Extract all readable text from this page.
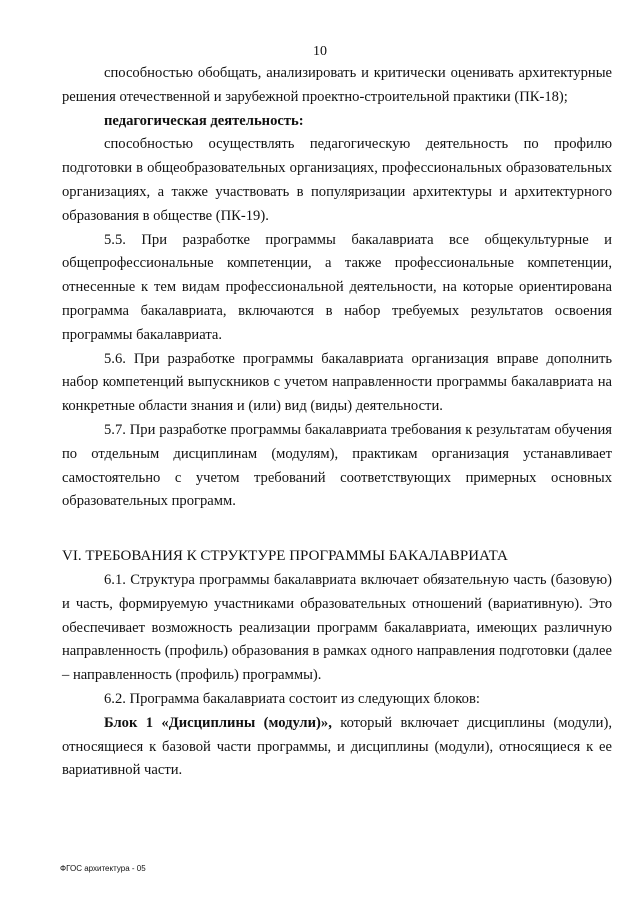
10

способностью обобщать, анализировать и критически оценивать архитектурные решения отечественной и зарубежной проектно-строительной практики (ПК-18);

педагогическая деятельность:

способностью осуществлять педагогическую деятельность по профилю подготовки в общеобразовательных организациях, профессиональных образовательных организациях, а также участвовать в популяризации архитектуры и архитектурного образования в обществе (ПК-19).

5.5. При разработке программы бакалавриата все общекультурные и общепрофессиональные компетенции, а также профессиональные компетенции, отнесенные к тем видам профессиональной деятельности, на которые ориентирована программа бакалавриата, включаются в набор требуемых результатов освоения программы бакалавриата.

5.6. При разработке программы бакалавриата организация вправе дополнить набор компетенций выпускников с учетом направленности программы бакалавриата на конкретные области знания и (или) вид (виды) деятельности.

5.7. При разработке программы бакалавриата требования к результатам обучения по отдельным дисциплинам (модулям), практикам организация устанавливает самостоятельно с учетом требований соответствующих примерных основных образовательных программ.

VI. ТРЕБОВАНИЯ К СТРУКТУРЕ ПРОГРАММЫ БАКАЛАВРИАТА

6.1. Структура программы бакалавриата включает обязательную часть (базовую) и часть, формируемую участниками образовательных отношений (вариативную). Это обеспечивает возможность реализации программ бакалавриата, имеющих различную направленность (профиль) образования в рамках одного направления подготовки (далее – направленность (профиль) программы).

6.2. Программа бакалавриата состоит из следующих блоков:

Блок 1 «Дисциплины (модули)», который включает дисциплины (модули), относящиеся к базовой части программы, и дисциплины (модули), относящиеся к ее вариативной части.

ФГОС архитектура - 05
